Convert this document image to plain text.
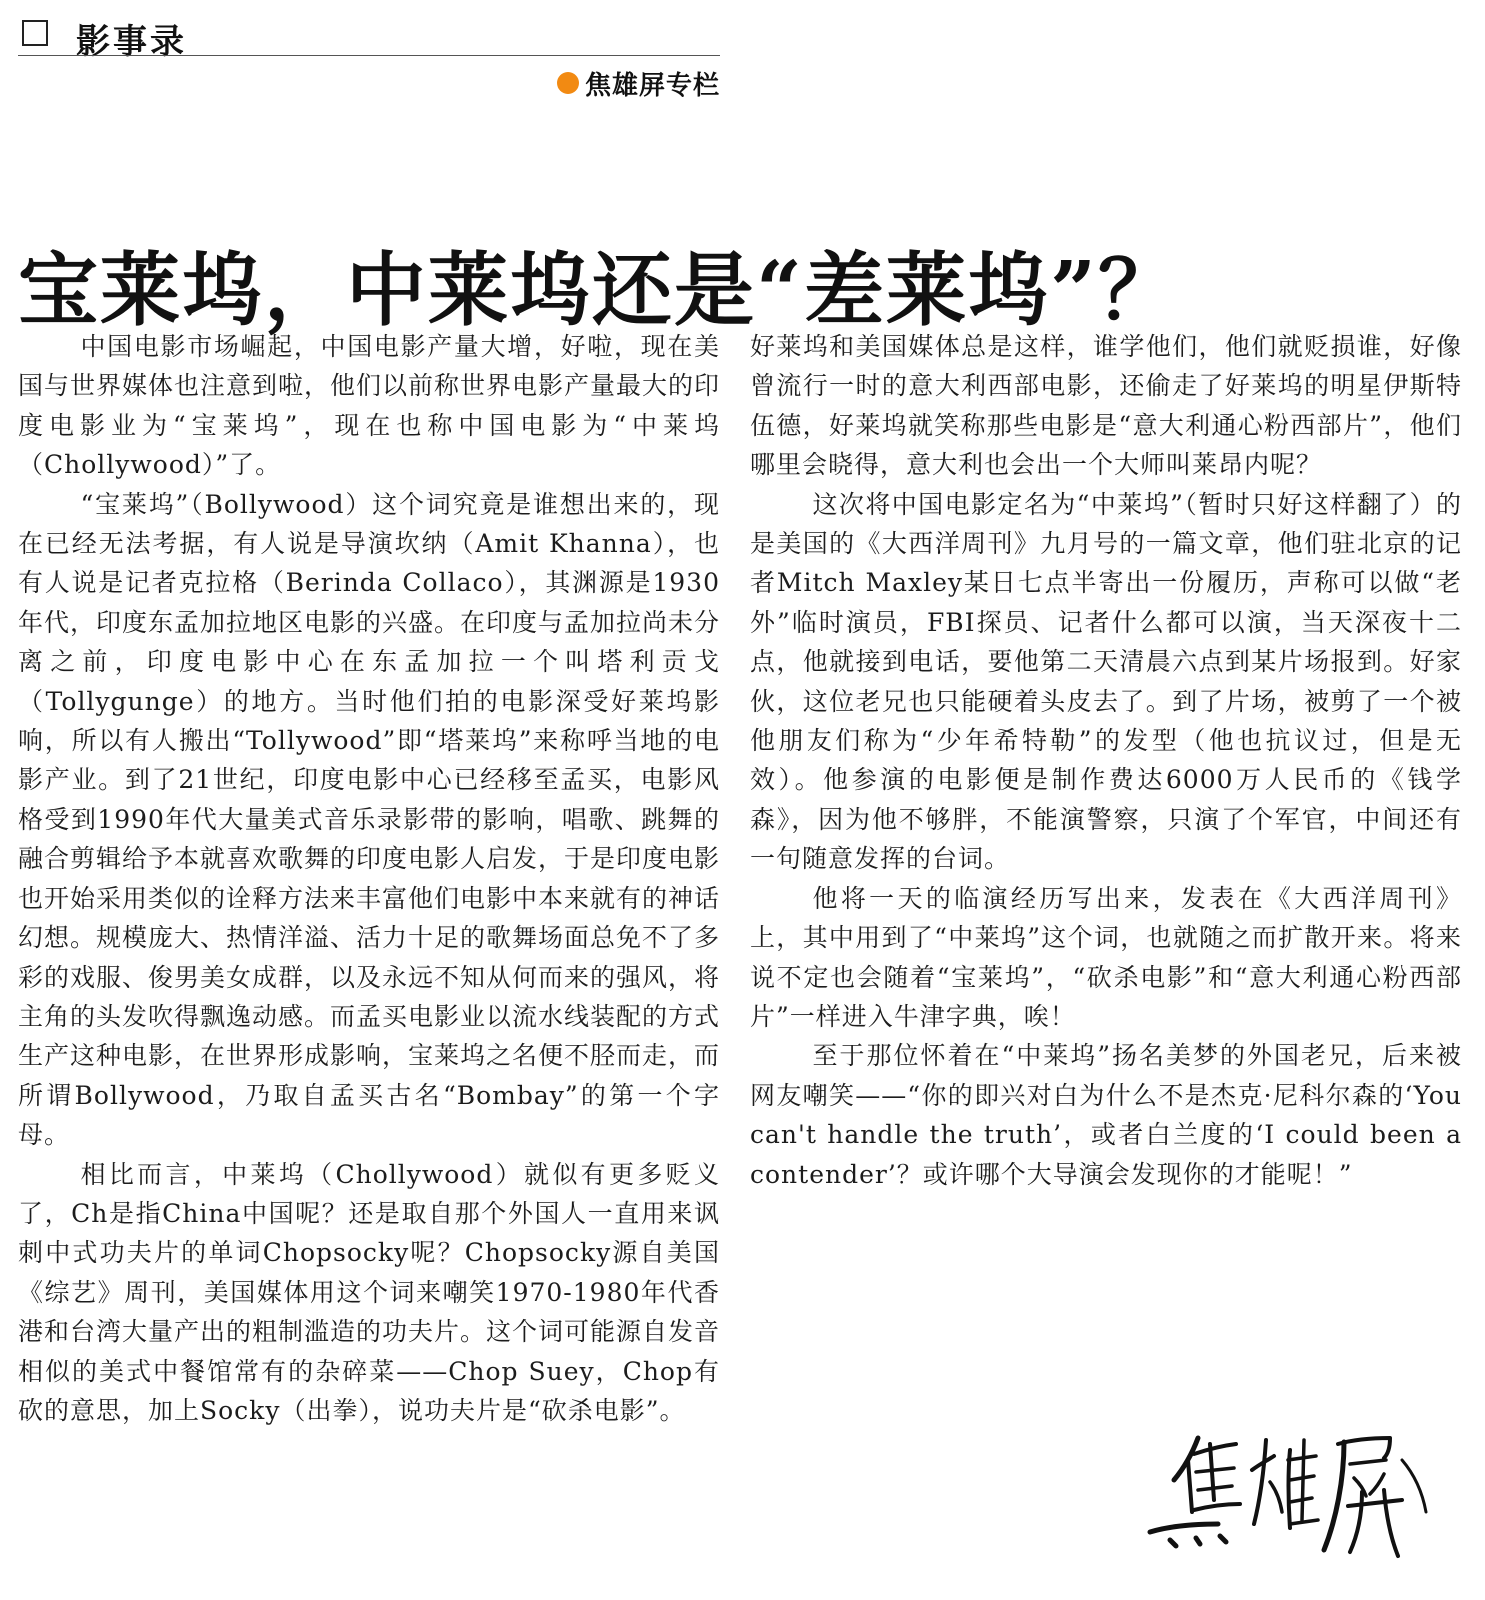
影事录
焦雄屏专栏
宝莱坞，中莱坞还是“差莱坞”？

中国电影市场崛起，中国电影产量大增，好啦，现在美国与世界媒体也注意到啦，他们以前称世界电影产量最大的印度电影业为“宝莱坞”，现在也称中国电影为“中莱坞（Chollywood）”了。

“宝莱坞”（Bollywood）这个词究竟是谁想出来的，现在已经无法考据，有人说是导演坎纳（Amit Khanna），也有人说是记者克拉格（Berinda Collaco），其渊源是1930年代，印度东孟加拉地区电影的兴盛。在印度与孟加拉尚未分离之前，印度电影中心在东孟加拉一个叫塔利贡戈（Tollygunge）的地方。当时他们拍的电影深受好莱坞影响，所以有人搬出“Tollywood”即“塔莱坞”来称呼当地的电影产业。到了21世纪，印度电影中心已经移至孟买，电影风格受到1990年代大量美式音乐录影带的影响，唱歌、跳舞的融合剪辑给予本就喜欢歌舞的印度电影人启发，于是印度电影也开始采用类似的诠释方法来丰富他们电影中本来就有的神话幻想。规模庞大、热情洋溢、活力十足的歌舞场面总免不了多彩的戏服、俊男美女成群，以及永远不知从何而来的强风，将主角的头发吹得飘逸动感。而孟买电影业以流水线装配的方式生产这种电影，在世界形成影响，宝莱坞之名便不胫而走，而所谓Bollywood，乃取自孟买古名“Bombay”的第一个字母。

相比而言，中莱坞（Chollywood）就似有更多贬义了，Ch是指China中国呢？还是取自那个外国人一直用来讽刺中式功夫片的单词Chopsocky呢？Chopsocky源自美国《综艺》周刊，美国媒体用这个词来嘲笑1970-1980年代香港和台湾大量产出的粗制滥造的功夫片。这个词可能源自发音相似的美式中餐馆常有的杂碎菜——Chop Suey，Chop有砍的意思，加上Socky（出拳），说功夫片是“砍杀电影”。

好莱坞和美国媒体总是这样，谁学他们，他们就贬损谁，好像曾流行一时的意大利西部电影，还偷走了好莱坞的明星伊斯特伍德，好莱坞就笑称那些电影是“意大利通心粉西部片”，他们哪里会晓得，意大利也会出一个大师叫莱昂内呢？

这次将中国电影定名为“中莱坞”（暂时只好这样翻了）的是美国的《大西洋周刊》九月号的一篇文章，他们驻北京的记者Mitch Maxley某日七点半寄出一份履历，声称可以做“老外”临时演员，FBI探员、记者什么都可以演，当天深夜十二点，他就接到电话，要他第二天清晨六点到某片场报到。好家伙，这位老兄也只能硬着头皮去了。到了片场，被剪了一个被他朋友们称为“少年希特勒”的发型（他也抗议过，但是无效）。他参演的电影便是制作费达6000万人民币的《钱学森》，因为他不够胖，不能演警察，只演了个军官，中间还有一句随意发挥的台词。

他将一天的临演经历写出来，发表在《大西洋周刊》上，其中用到了“中莱坞”这个词，也就随之而扩散开来。将来说不定也会随着“宝莱坞”，“砍杀电影”和“意大利通心粉西部片”一样进入牛津字典，唉！

至于那位怀着在“中莱坞”扬名美梦的外国老兄，后来被网友嘲笑——“你的即兴对白为什么不是杰克·尼科尔森的‘You can't handle the truth’，或者白兰度的‘I could been a contender’？或许哪个大导演会发现你的才能呢！”
